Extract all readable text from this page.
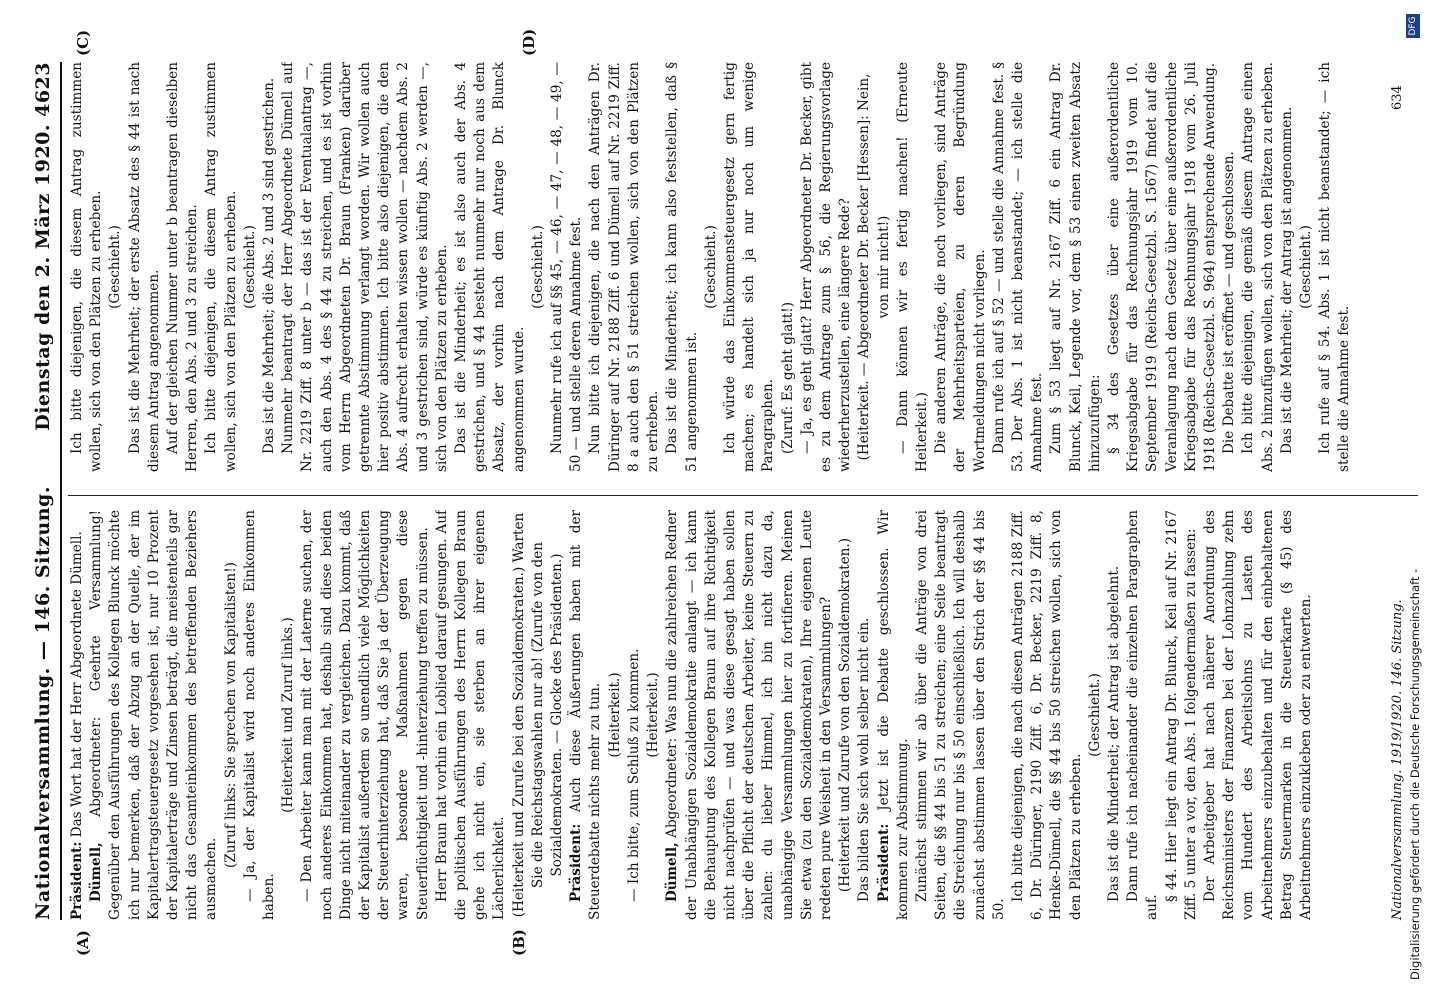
Nationalversammlung. — 146. Sitzung.
Dienstag den 2. März 1920. 4623
(A)	(B)
(C)	(D)

Präsident: Das Wort hat der Herr Abgeordnete Dümell.

Dümell, Abgeordneter: Geehrte Versammlung! Gegenüber den Ausführungen des Kollegen Blunck möchte ich nur bemerken, daß der Abzug an der Quelle, der im Kapitalertragsteuergesetz vorgesehen ist, nur 10 Prozent der Kapitalerträge und Zinsen beträgt, die meistenteils gar nicht das Gesamteinkommen des betreffenden Beziehers ausmachen.

(Zuruf links: Sie sprechen von Kapitalisten!) — Ja, der Kapitalist wird noch anderes Einkommen haben.

(Heiterkeit und Zuruf links.) — Den Arbeiter kann man mit der Laterne suchen, der noch anderes Einkommen hat, deshalb sind diese beiden Dinge nicht miteinander zu vergleichen. Dazu kommt, daß der Kapitalist außerdem so unendlich viele Möglichkeiten der Steuerhinterziehung hat, daß Sie ja der Überzeugung waren, besondere Maßnahmen gegen diese Steuerflüchtigkeit und -hinterziehung treffen zu müssen. Herr Braun hat vorhin ein Loblied darauf gesungen. Auf die politischen Ausführungen des Herrn Kollegen Braun gehe ich nicht ein, sie sterben an ihrer eigenen Lächerlichkeit. (Heiterkeit und Zurufe bei den Sozialdemokraten.) Warten Sie die Reichstagswahlen nur ab! (Zurufe von den Sozialdemokraten. — Glocke des Präsidenten.) Präsident: Auch diese Äußerungen haben mit der Steuerdebatte nichts mehr zu tun. (Heiterkeit.) — Ich bitte, zum Schluß zu kommen. (Heiterkeit.)

Dümell, Abgeordneter: Was nun die zahlreichen Redner der Unabhängigen Sozialdemokratie anlangt — ich kann die Behauptung des Kollegen Braun auf ihre Richtigkeit nicht nachprüfen — und was diese gesagt haben sollen über die Pflicht der deutschen Arbeiter, keine Steuern zu zahlen: du lieber Himmel, ich bin nicht dazu da, unabhängige Versammlungen hier zu fortifieren. Meinen Sie etwa (zu den Sozialdemokraten), Ihre eigenen Leute redeten pure Weisheit in den Versammlungen? (Heiterkeit und Zurufe von den Sozialdemokraten.) Das bilden Sie sich wohl selber nicht ein. Präsident: Jetzt ist die Debatte geschlossen. Wir kommen zur Abstimmung. Zunächst stimmen wir ab über die Anträge von drei Seiten, die §§ 44 bis 51 zu streichen; eine Seite beantragt die Streichung nur bis § 50 einschließlich. Ich will deshalb zunächst abstimmen lassen über den Strich der §§ 44 bis 50.

Ich bitte diejenigen, die nach diesen Anträgen 2188 Ziff. 6, Dr. Düringer, 2190 Ziff. 6, Dr. Becker, 2219 Ziff. 8, Henke-Dümell, die §§ 44 bis 50 streichen wollen, sich von den Plätzen zu erheben.

(Geschieht.) Das ist die Minderheit; der Antrag ist abgelehnt. Dann rufe ich nacheinander die einzelnen Paragraphen auf.

§ 44. Hier liegt ein Antrag Dr. Blunck, Keil auf Nr. 2167 Ziff. 5 unter a vor, den Abs. 1 folgendermaßen zu fassen: Der Arbeitgeber hat nach näherer Anordnung des Reichsministers der Finanzen bei der Lohnzahlung zehn vom Hundert des Arbeitslohns zu Lasten des Arbeitnehmers einzubehalten und für den einbehaltenen Betrag Steuermarken in die Steuerkarte (§ 45) des Arbeitnehmers einzukleben oder zu entwerten.

Ich bitte diejenigen, die diesem Antrag zustimmen wollen, sich von den Plätzen zu erheben. (Geschieht.) Das ist die Mehrheit; der erste Absatz des § 44 ist nach diesem Antrag angenommen. Auf der gleichen Nummer unter b beantragen dieselben Herren, den Abs. 2 und 3 zu streichen. Ich bitte diejenigen, die diesem Antrag zustimmen wollen, sich von den Plätzen zu erheben. (Geschieht.) Das ist die Mehrheit; die Abs. 2 und 3 sind gestrichen. Nunmehr beantragt der Herr Abgeordnete Dümell auf Nr. 2219 Ziff. 8 unter b — das ist der Eventualantrag —, auch den Abs. 4 des § 44 zu streichen, und es ist vorhin vom Herrn Abgeordneten Dr. Braun (Franken) darüber getrennte Abstimmung verlangt worden. Wir wollen auch hier positiv abstimmen. Ich bitte also diejenigen, die den Abs. 4 aufrecht erhalten wissen wollen — nachdem Abs. 2 und 3 gestrichen sind, würde es künftig Abs. 2 werden —, sich von den Plätzen zu erheben. Das ist die Minderheit; es ist also auch der Abs. 4 gestrichen, und § 44 besteht nunmehr nur noch aus dem Absatz, der vorhin nach dem Antrage Dr. Blunck angenommen wurde.

(Geschieht.) Nunmehr rufe ich auf §§ 45, — 46, — 47, — 48, — 49, — 50 — und stelle deren Annahme fest. Nun bitte ich diejenigen, die nach den Anträgen Dr. Düringer auf Nr. 2188 Ziff. 6 und Dümell auf Nr. 2219 Ziff. 8 a auch den § 51 streichen wollen, sich von den Plätzen zu erheben. Das ist die Minderheit; ich kann also feststellen, daß § 51 angenommen ist.

(Geschieht.) Ich würde das Einkommensteuergesetz gern fertig machen; es handelt sich ja nur noch um wenige Paragraphen. (Zuruf: Es geht glatt!) — Ja, es geht glatt? Herr Abgeordneter Dr. Becker, gibt es zu dem Antrage zum § 56, die Regierungsvorlage wiederherzustellen, eine längere Rede? (Heiterkeit. — Abgeordneter Dr. Becker [Hessen]: Nein, von mir nicht!) — Dann können wir es fertig machen! (Erneute Heiterkeit.) Die anderen Anträge, die noch vorliegen, sind Anträge der Mehrheitsparteien, zu deren Begründung Wortmeldungen nicht vorliegen. Dann rufe ich auf § 52 — und stelle die Annahme fest. § 53. Der Abs. 1 ist nicht beanstandet; — ich stelle die Annahme fest. Zum § 53 liegt auf Nr. 2167 Ziff. 6 ein Antrag Dr. Blunck, Keil, Legende vor, dem § 53 einen zweiten Absatz hinzuzufügen: § 34 des Gesetzes über eine außerordentliche Kriegsabgabe für das Rechnungsjahr 1919 vom 10. September 1919 (Reichs-Gesetzbl. S. 1567) findet auf die Veranlagung nach dem Gesetz über eine außerordentliche Kriegsabgabe für das Rechnungsjahr 1918 vom 26. Juli 1918 (Reichs-Gesetzbl. S. 964) entsprechende Anwendung. Die Debatte ist eröffnet — und geschlossen. Ich bitte diejenigen, die gemäß diesem Antrage einen Abs. 2 hinzufügen wollen, sich von den Plätzen zu erheben. Das ist die Mehrheit; der Antrag ist angenommen. (Geschieht.) Ich rufe auf § 54. Abs. 1 ist nicht beanstandet; — ich stelle die Annahme fest.

Nationalversammlung. 1919/1920. 146. Sitzung.
634
Digitalisierung gefördert durch die Deutsche Forschungsgemeinschaft -
DFG
